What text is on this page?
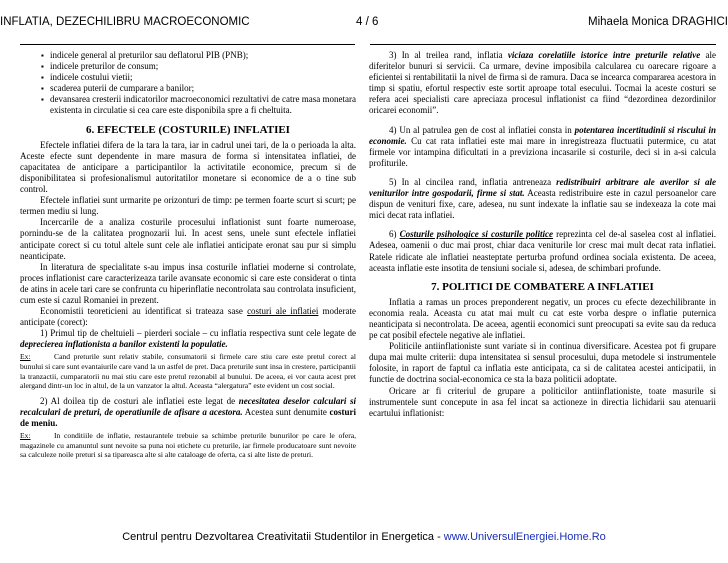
INFLATIA, DEZECHILIBRU MACROECONOMIC	4 / 6	Mihaela Monica DRAGHICI
▪ indicele general al preturilor sau deflatorul PIB (PNB);
▪ indicele preturilor de consum;
▪ indicele costului vietii;
▪ scaderea puterii de cumparare a banilor;
▪ devansarea cresterii indicatorilor macroeconomici rezultativi de catre masa monetara existenta in circulatie si cea care este disponibila spre a fi cheltuita.
6. EFECTELE (COSTURILE) INFLATIEI

Efectele inflatiei difera de la tara la tara, iar in cadrul unei tari, de la o perioada la alta. Aceste efecte sunt dependente in mare masura de forma si intensitatea inflatiei, de capacitatea de anticipare a participantilor la activitatile economice, precum si de disponibilitatea si profesionalismul autoritatilor monetare si economice de a o tine sub control.

Efectele inflatiei sunt urmarite pe orizonturi de timp: pe termen foarte scurt si scurt; pe termen mediu si lung.

Incercarile de a analiza costurile procesului inflationist sunt foarte numeroase, pornindu-se de la calitatea prognozarii lui. In acest sens, unele sunt efectele inflatiei anticipate corect si cu totul altele sunt cele ale inflatiei anticipate eronat sau pur si simplu neanticipate.

In literatura de specialitate s-au impus insa costurile inflatiei moderne si controlate, proces inflationist care caracterizeaza tarile avansate economic si care este considerat o tinta de atins in acele tari care se confrunta cu hiperinflatie necontrolata sau controlata insuficient, cum este si cazul Romaniei in prezent.

Economistii teoreticieni au identificat si trateaza sase costuri ale inflatiei moderate anticipate (corect):

1) Primul tip de cheltuieli – pierderi sociale – cu inflatia respectiva sunt cele legate de deprecierea inflationista a banilor existenti la populatie.

Ex:	Cand preturile sunt relativ stabile, consumatorii si firmele care stiu care este pretul corect al bunului si care sunt evantaiurile care vand la un astfel de pret. Daca preturile sunt insa in crestere, participantii la tranzactii, cumparatorii nu mai stiu care este pretul rezonabil al bunului. De aceea, ei vor cauta acest pret alergand dintr-un loc in altul, de la un vanzator la altul. Aceasta “alergatura” este evident un cost social.

2) Al doilea tip de costuri ale inflatiei este legat de necesitatea deselor calculari si recalculari de preturi, de operatiunile de afisare a acestora. Acestea sunt denumite costuri de meniu.

Ex:	In conditiile de inflatie, restaurantele trebuie sa schimbe preturile bunurilor pe care le ofera, magazinele cu amanuntul sunt nevoite sa puna noi etichete cu preturile, iar firmele producatoare sunt nevoite sa calculeze noile preturi si sa tipareasca alte si alte cataloage de oferta, ca si alte liste de preturi.

3) In al treilea rand, inflatia viciaza corelatiile istorice intre preturile relative ale diferitelor bunuri si servicii. Ca urmare, devine imposibila calcularea cu oarecare rigoare a eficientei si rentabilitatii la nivel de firma si de ramura. Daca se incearca compararea acestora in timp si spatiu, efortul respectiv este sortit aproape total esecului. Tocmai la aceste costuri se refera acei specialisti care apreciaza procesul inflationist ca fiind “dezordinea dezordinilor oricarei economii”.

4) Un al patrulea gen de cost al inflatiei consta in potentarea incertitudinii si riscului in economie. Cu cat rata inflatiei este mai mare in inregistreaza fluctuatii putermice, cu atat firmele vor intampina dificultati in a previziona incasarile si costurile, deci si in a-si calcula profiturile.

5) In al cincilea rand, inflatia antreneaza redistribuiri arbitrare ale averilor si ale veniturilor intre gospodarii, firme si stat. Aceasta redistribuire este in cazul persoanelor care dispun de venituri fixe, care, adesea, nu sunt indexate la inflatie sau se indexeaza la cote mai mici decat rata inflatiei.

6) Costurile psihologice si costurile politice reprezinta cel de-al saselea cost al inflatiei. Adesea, oamenii o duc mai prost, chiar daca veniturile lor cresc mai mult decat rata inflatiei. Ratele ridicate ale inflatiei neasteptate perturba profund ordinea sociala existenta. De aceea, aceasta inflatie este insotita de tensiuni sociale si, adesea, de schimbari profunde.

7. POLITICI DE COMBATERE A INFLATIEI

Inflatia a ramas un proces preponderent negativ, un proces cu efecte dezechilibrante in economia reala. Aceasta cu atat mai mult cu cat este vorba despre o inflatie puternica neanticipata si necontrolata. De aceea, agentii economici sunt preocupati sa evite sau da reduca pe cat posibil efectele negative ale inflatiei.

Politicile antiinflationiste sunt variate si in continua diversificare. Acestea pot fi grupare dupa mai multe criterii: dupa intensitatea si sensul procesului, dupa metodele si instrumentele folosite, in raport de faptul ca inflatia este anticipata, ca si de calitatea acestei anticipatii, in functie de doctrina social-economica ce sta la baza politicii adoptate.

Oricare ar fi criteriul de grupare a politicilor antiinflationiste, toate masurile si instrumentele sunt concepute in asa fel incat sa actioneze in directia lichidarii sau atenuarii ecartului inflationist:

Centrul pentru Dezvoltarea Creativitatii Studentilor in Energetica - www.UniversulEnergiei.Home.Ro
